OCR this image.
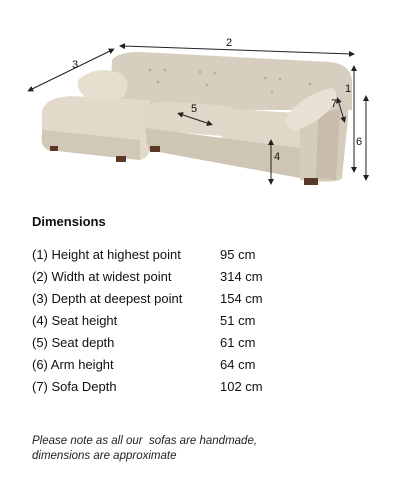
2
3
1
6
4
5	7
Dimensions
(1) Height at highest point	95 cm
(2) Width at widest point	314 cm
(3) Depth at deepest point	154 cm
(4) Seat height	51 cm
(5) Seat depth	61 cm
(6) Arm height	64 cm
(7) Sofa Depth	102 cm
Please note as all our  sofas are handmade,
dimensions are approximate
